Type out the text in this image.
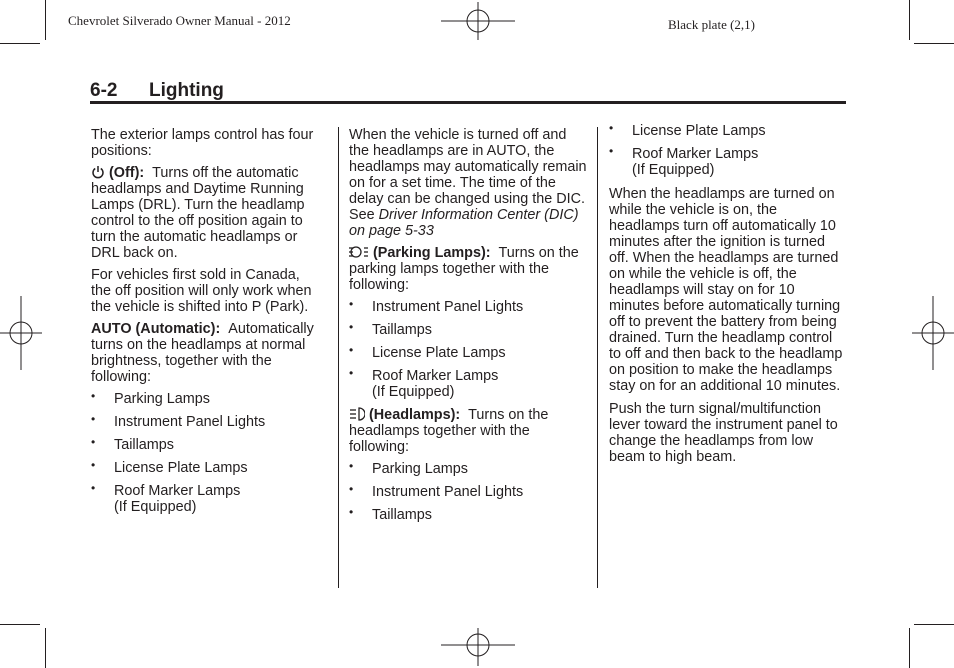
Chevrolet Silverado Owner Manual - 2012	Black plate (2,1)
6-2 Lighting

The exterior lamps control has four positions:

(Off): Turns off the automatic headlamps and Daytime Running Lamps (DRL). Turn the headlamp control to the off position again to turn the automatic headlamps or DRL back on.

For vehicles first sold in Canada, the off position will only work when the vehicle is shifted into P (Park).

AUTO (Automatic): Automatically turns on the headlamps at normal brightness, together with the following:

• Parking Lamps
• Instrument Panel Lights
• Taillamps
• License Plate Lamps
• Roof Marker Lamps
(If Equipped)

When the vehicle is turned off and the headlamps are in AUTO, the headlamps may automatically remain on for a set time. The time of the delay can be changed using the DIC. See Driver Information Center (DIC) on page 5-33

(Parking Lamps): Turns on the parking lamps together with the following:

• Instrument Panel Lights
• Taillamps
• License Plate Lamps
• Roof Marker Lamps
(If Equipped)

(Headlamps): Turns on the headlamps together with the following:

• Parking Lamps
• Instrument Panel Lights
• Taillamps
• License Plate Lamps
• Roof Marker Lamps
(If Equipped)

When the headlamps are turned on while the vehicle is on, the headlamps turn off automatically 10 minutes after the ignition is turned off. When the headlamps are turned on while the vehicle is off, the headlamps will stay on for 10 minutes before automatically turning off to prevent the battery from being drained. Turn the headlamp control to off and then back to the headlamp on position to make the headlamps stay on for an additional 10 minutes.

Push the turn signal/multifunction lever toward the instrument panel to change the headlamps from low beam to high beam.
